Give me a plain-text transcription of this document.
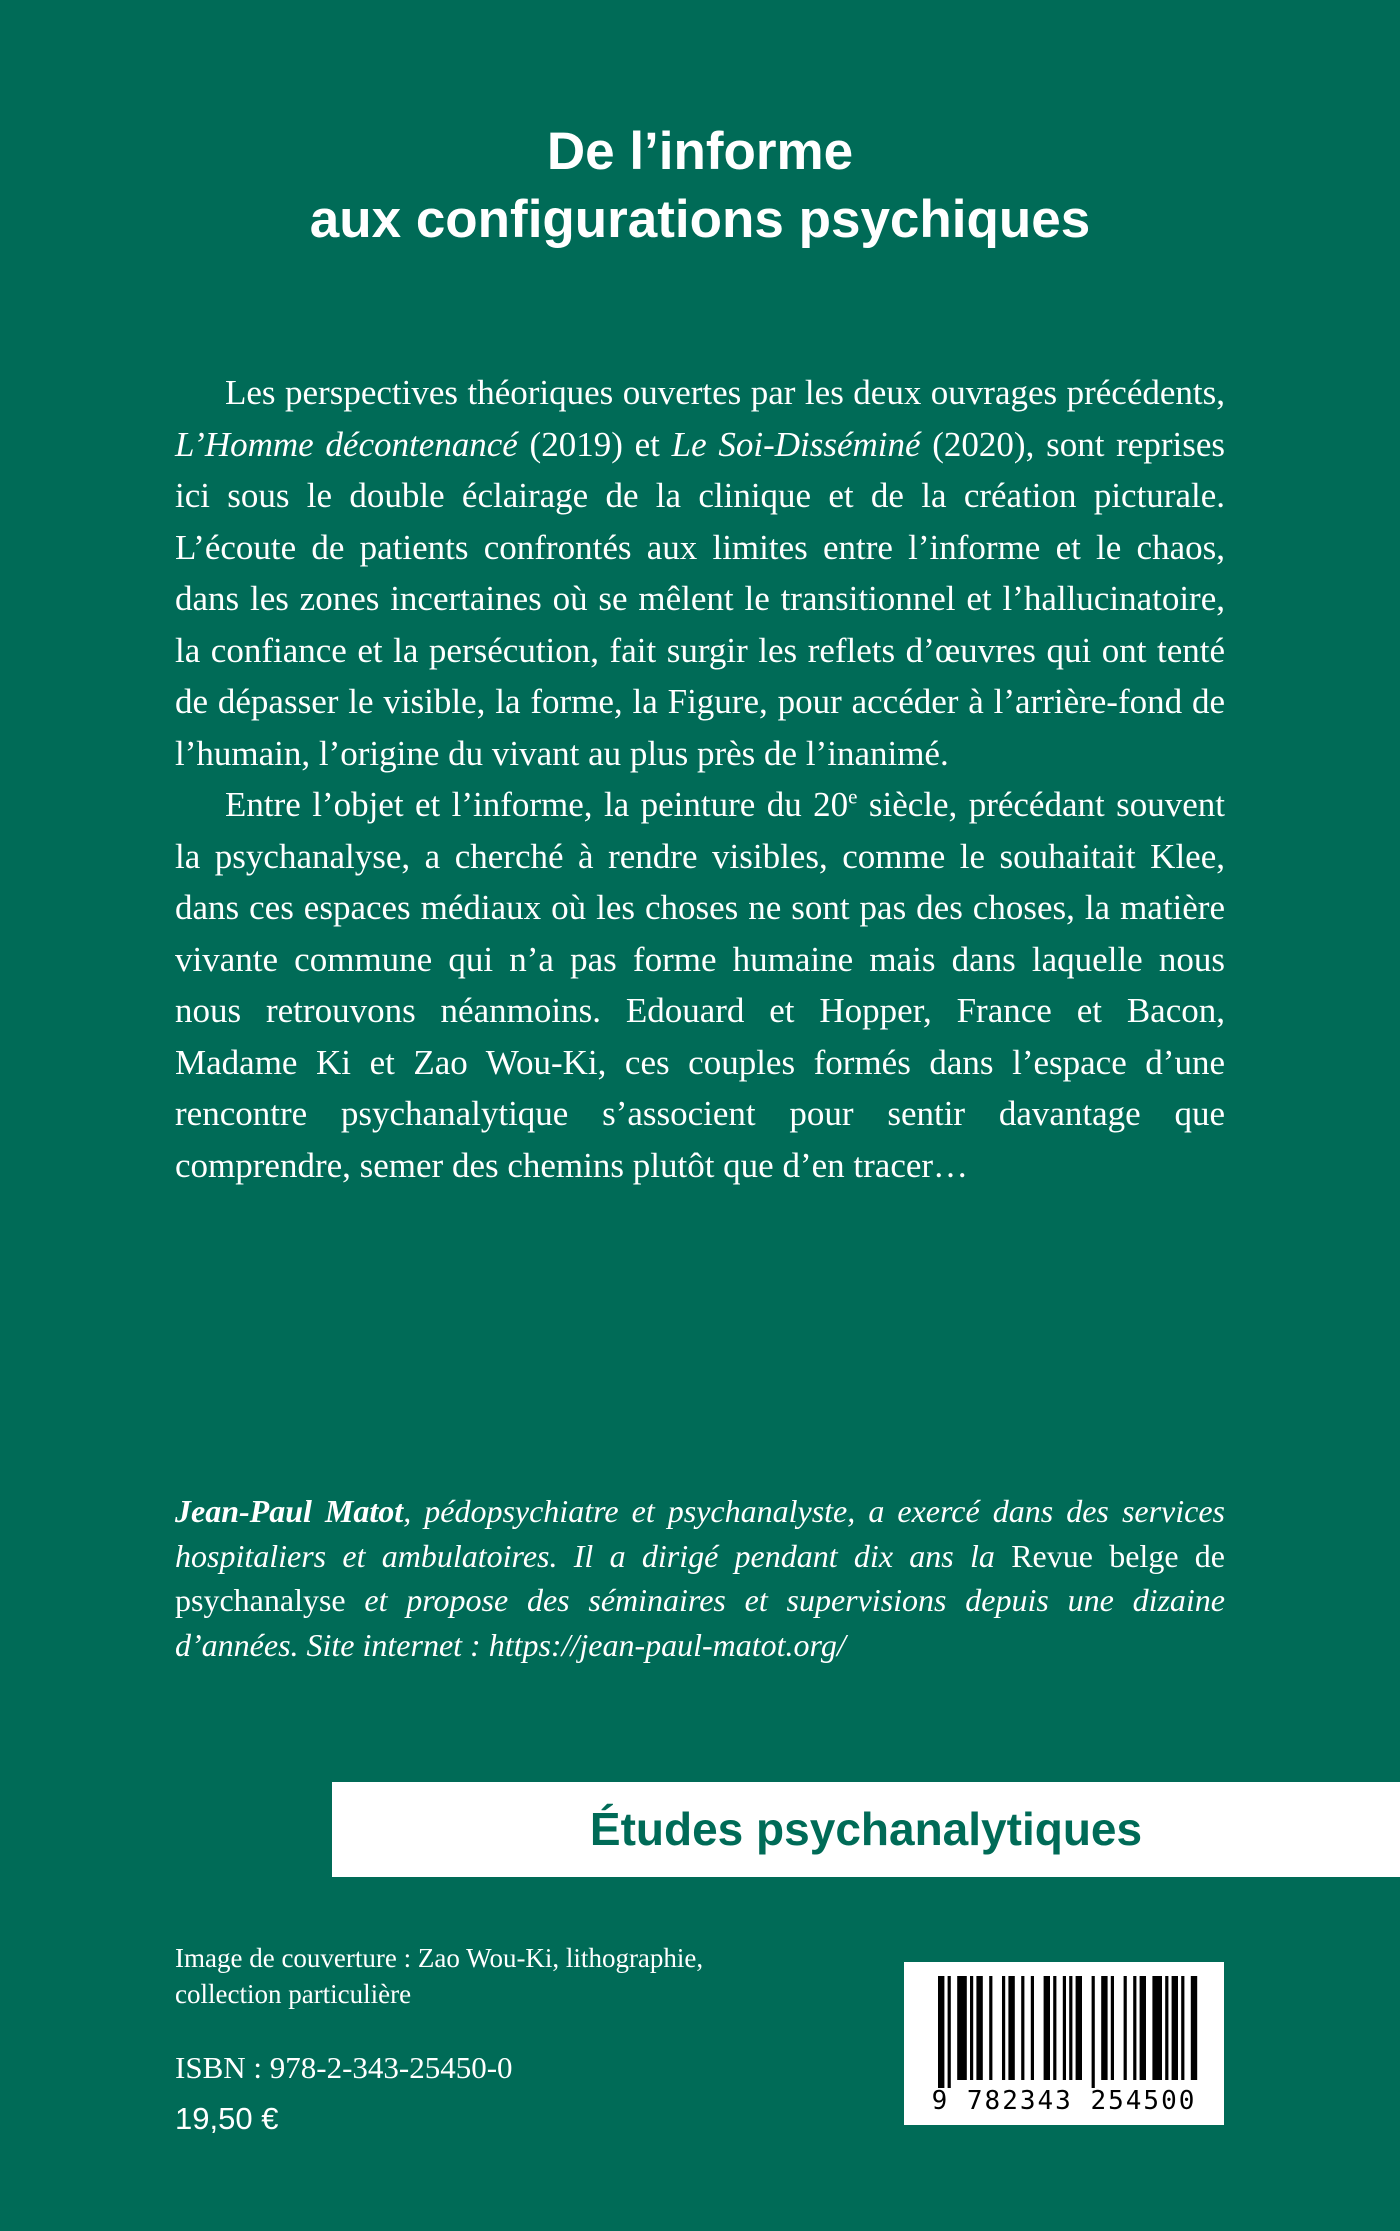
De l’informe
aux configurations psychiques

Les perspectives théoriques ouvertes par les deux ouvrages précédents, L’Homme décontenancé (2019) et Le Soi-Disséminé (2020), sont reprises ici sous le double éclairage de la clinique et de la création picturale. L’écoute de patients confrontés aux limites entre l’informe et le chaos, dans les zones incertaines où se mêlent le transitionnel et l’hallucinatoire, la confiance et la persécution, fait surgir les reflets d’œuvres qui ont tenté de dépasser le visible, la forme, la Figure, pour accéder à l’arrière-fond de l’humain, l’origine du vivant au plus près de l’inanimé.

Entre l’objet et l’informe, la peinture du 20e siècle, précédant souvent la psychanalyse, a cherché à rendre visibles, comme le souhaitait Klee, dans ces espaces médiaux où les choses ne sont pas des choses, la matière vivante commune qui n’a pas forme humaine mais dans laquelle nous nous retrouvons néanmoins. Edouard et Hopper, France et Bacon, Madame Ki et Zao Wou-Ki, ces couples formés dans l’espace d’une rencontre psychanalytique s’associent pour sentir davantage que comprendre, semer des chemins plutôt que d’en tracer…

Jean-Paul Matot, pédopsychiatre et psychanalyste, a exercé dans des services hospitaliers et ambulatoires. Il a dirigé pendant dix ans la Revue belge de psychanalyse et propose des séminaires et supervisions depuis une dizaine d’années. Site internet : https://jean-paul-matot.org/

Études psychanalytiques

Image de couverture : Zao Wou-Ki, lithographie,
collection particulière

ISBN : 978-2-343-25450-0

19,50 €	9 782343 254500
